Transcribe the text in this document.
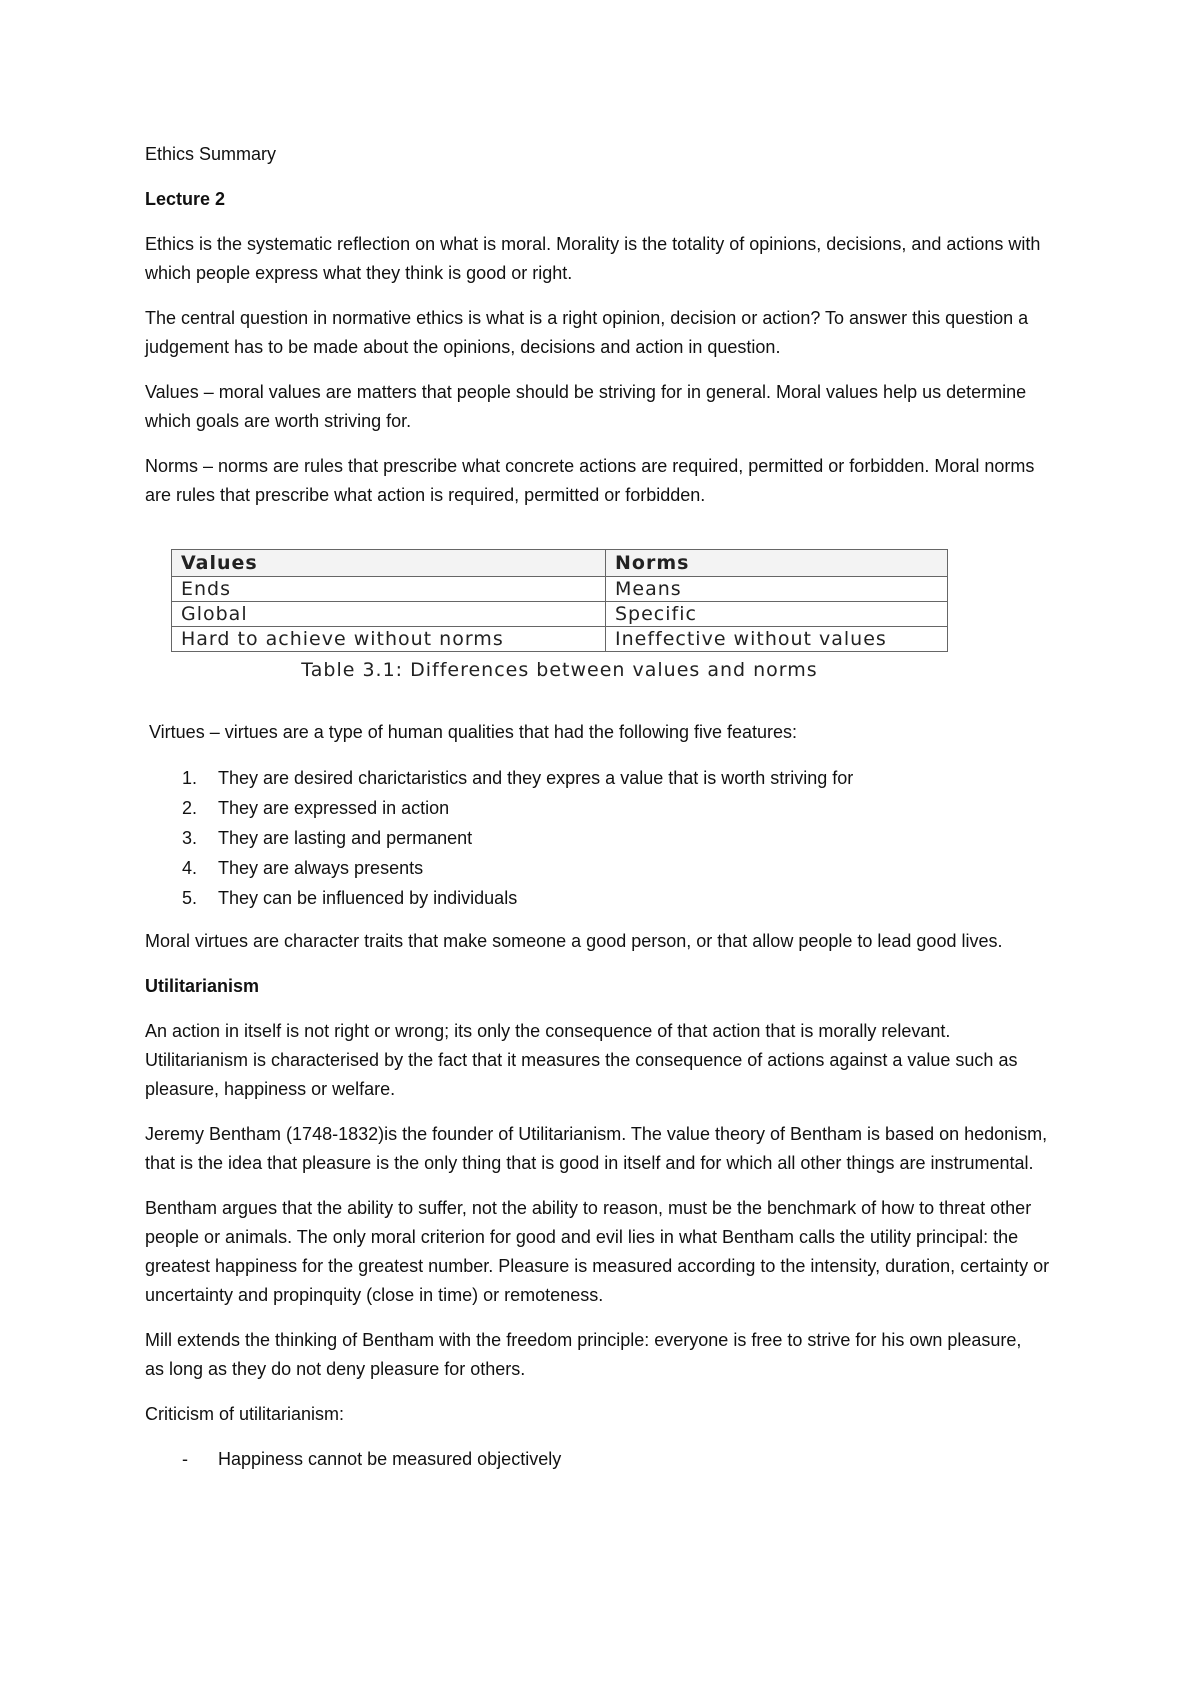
Ethics Summary

Lecture 2

Ethics is the systematic reflection on what is moral. Morality is the totality of opinions, decisions, and actions with which people express what they think is good or right.

The central question in normative ethics is what is a right opinion, decision or action? To answer this question a judgement has to be made about the opinions, decisions and action in question.

Values – moral values are matters that people should be striving for in general. Moral values help us determine which goals are worth striving for.

Norms – norms are rules that prescribe what concrete actions are required, permitted or forbidden. Moral norms are rules that prescribe what action is required, permitted or forbidden.

Values	Norms
Ends	Means
Global	Specific
Hard to achieve without norms	Ineffective without values
Table 3.1: Differences between values and norms

Virtues – virtues are a type of human qualities that had the following five features:

1.	They are desired charictaristics and they expres a value that is worth striving for
2.	They are expressed in action
3.	They are lasting and permanent
4.	They are always presents
5.	They can be influenced by individuals

Moral virtues are character traits that make someone a good person, or that allow people to lead good lives.

Utilitarianism

An action in itself is not right or wrong; its only the consequence of that action that is morally relevant. Utilitarianism is characterised by the fact that it measures the consequence of actions against a value such as pleasure, happiness or welfare.

Jeremy Bentham (1748-1832)is the founder of Utilitarianism. The value theory of Bentham is based on hedonism, that is the idea that pleasure is the only thing that is good in itself and for which all other things are instrumental.

Bentham argues that the ability to suffer, not the ability to reason, must be the benchmark of how to threat other people or animals. The only moral criterion for good and evil lies in what Bentham calls the utility principal: the greatest happiness for the greatest number. Pleasure is measured according to the intensity, duration, certainty or uncertainty and propinquity (close in time) or remoteness.

Mill extends the thinking of Bentham with the freedom principle: everyone is free to strive for his own pleasure, as long as they do not deny pleasure for others.

Criticism of utilitarianism:

-	Happiness cannot be measured objectively
